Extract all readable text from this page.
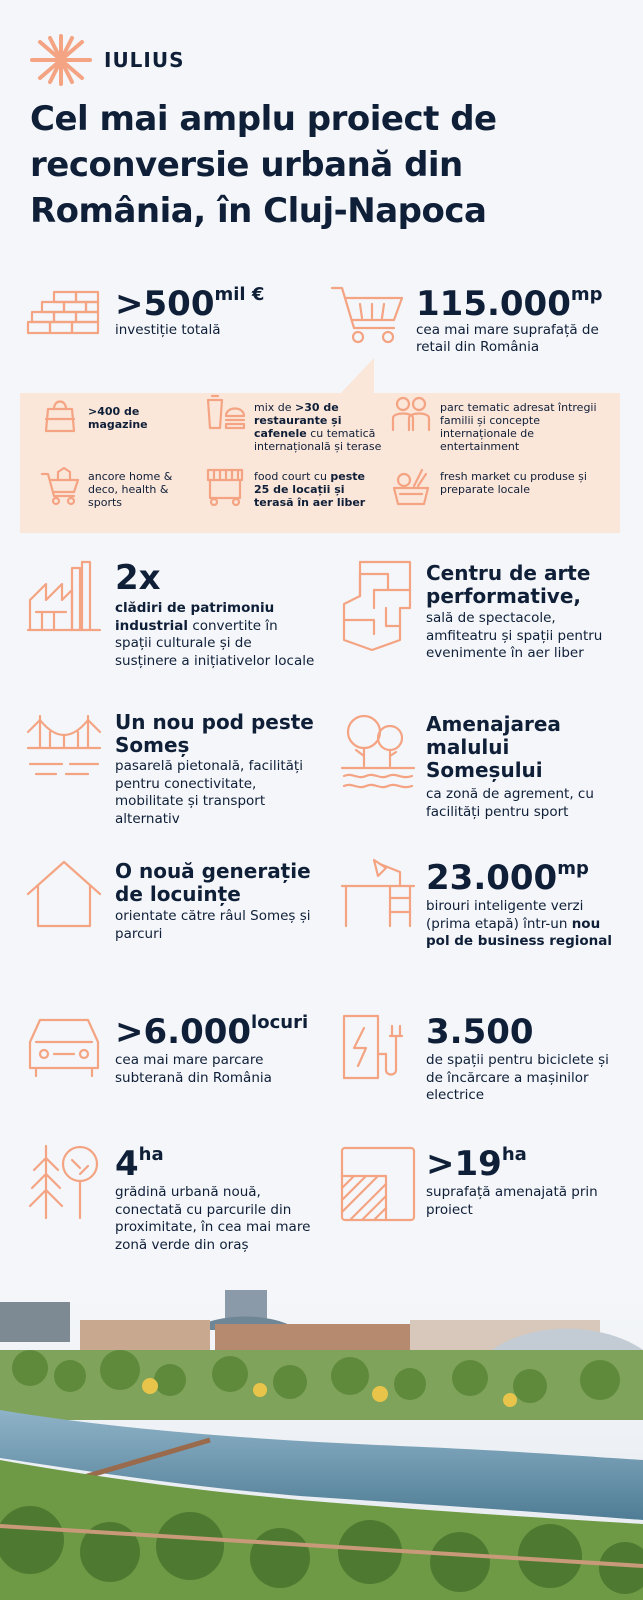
IULIUS
Cel mai amplu proiect de reconversie urbană din România, în Cluj-Napoca
$>500^{mil €}$
investiție totală
$115.000^{mp}$
cea mai mare suprafață de retail din România
>400 de magazine
mix de >30 de restaurante și cafenele cu tematică internațională și terase
parc tematic adresat întregii familii și concepte internaționale de entertainment
ancore home & deco, health & sports
food court cu peste 25 de locații și terasă în aer liber
fresh market cu produse și preparate locale
2x
clădiri de patrimoniu industrial convertite în spații culturale și de susținere a inițiativelor locale
Centru de arte performative,
sală de spectacole, amfiteatru și spații pentru evenimente în aer liber
Un nou pod peste Someș
pasarelă pietonală, facilități pentru conectivitate, mobilitate și transport alternativ
Amenajarea malului Someșului
ca zonă de agrement, cu facilități pentru sport
O nouă generație de locuințe
orientate către râul Someș și parcuri
$23.000^{mp}$
birouri inteligente verzi (prima etapă) într-un nou pol de business regional
$>6.000^{locuri}$
cea mai mare parcare subterană din România
3.500
de spații pentru biciclete și de încărcare a mașinilor electrice
$4^{ha}$
grădină urbană nouă, conectată cu parcurile din proximitate, în cea mai mare zonă verde din oraș
$>19^{ha}$
suprafață amenajată prin proiect
